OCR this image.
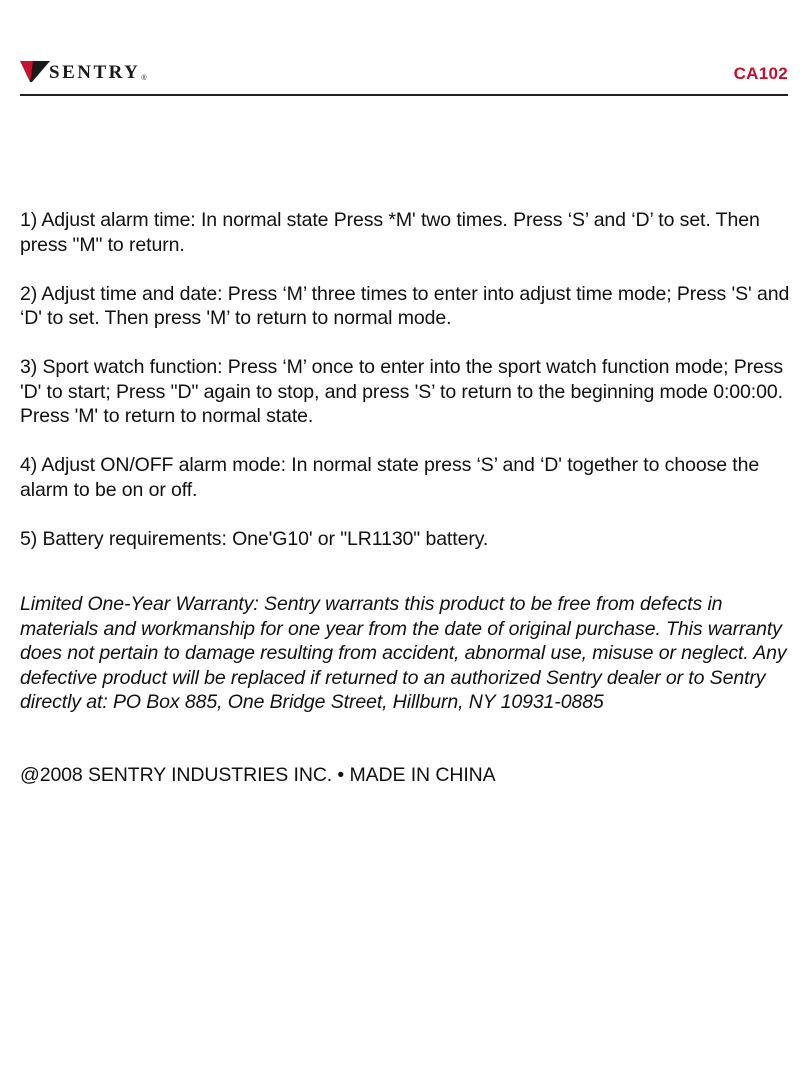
SENTRY ®	CA102

1) Adjust alarm time: In normal state Press *M' two times. Press ‘S’ and ‘D’ to set. Then press "M" to return.

2) Adjust time and date: Press ‘M’ three times to enter into adjust time mode; Press 'S' and ‘D' to set. Then press 'M’ to return to normal mode.

3) Sport watch function: Press ‘M’ once to enter into the sport watch function mode; Press 'D' to start; Press "D" again to stop, and press 'S’ to return to the beginning mode 0:00:00. Press 'M' to return to normal state.

4) Adjust ON/OFF alarm mode: In normal state press ‘S’ and ‘D' together to choose the alarm to be on or off.

5) Battery requirements: One'G10' or "LR1130" battery.

Limited One-Year Warranty: Sentry warrants this product to be free from defects in materials and workmanship for one year from the date of original purchase. This warranty does not pertain to damage resulting from accident, abnormal use, misuse or neglect. Any defective product will be replaced if returned to an authorized Sentry dealer or to Sentry directly at: PO Box 885, One Bridge Street, Hillburn, NY 10931-0885

@2008 SENTRY INDUSTRIES INC. • MADE IN CHINA
